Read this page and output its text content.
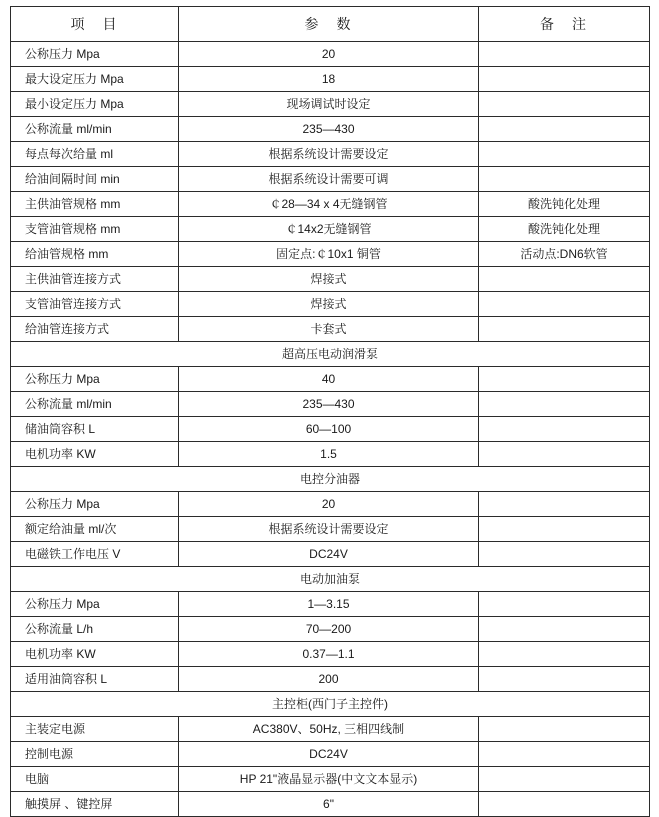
项　目	参　数	备　注
公称压力 Mpa	20	
最大设定压力 Mpa	18	
最小设定压力 Mpa	现场调试时设定	
公称流量 ml/min	235—430	
每点每次给量 ml	根据系统设计需要设定	
给油间隔时间 min	根据系统设计需要可调	
主供油管规格 mm	￠28—34 x 4无缝钢管	酸洗钝化处理
支管油管规格 mm	￠14x2无缝钢管	酸洗钝化处理
给油管规格 mm	固定点:￠10x1 铜管	活动点:DN6软管
主供油管连接方式	焊接式	
支管油管连接方式	焊接式	
给油管连接方式	卡套式	
超高压电动润滑泵		
公称压力 Mpa	40	
公称流量 ml/min	235—430	
储油筒容积 L	60—100	
电机功率 KW	1.5	
电控分油器		
公称压力 Mpa	20	
额定给油量 ml/次	根据系统设计需要设定	
电磁铁工作电压 V	DC24V	
电动加油泵		
公称压力 Mpa	1—3.15	
公称流量 L/h	70—200	
电机功率 KW	0.37—1.1	
适用油筒容积 L	200	
主控柜(西门子主控件)		
主装定电源	AC380V、50Hz, 三相四线制	
控制电源	DC24V	
电脑	HP 21"液晶显示器(中文文本显示)	
触摸屏 、键控屏	6"	
